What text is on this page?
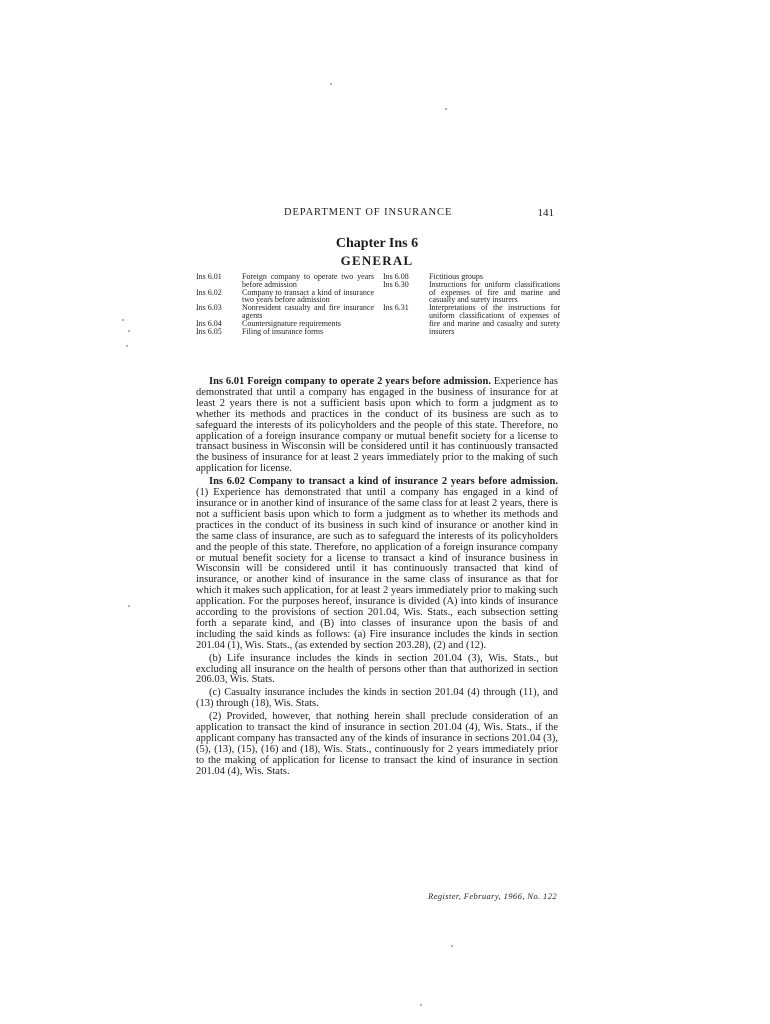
DEPARTMENT OF INSURANCE	141
Chapter Ins 6
GENERAL
Ins 6.01	Foreign company to operate two years before admission
Ins 6.02	Company to transact a kind of insurance two years before admission
Ins 6.03	Nonresident casualty and fire insurance agents
Ins 6.04	Countersignature requirements
Ins 6.05	Filing of insurance forms
Ins 6.08	Fictitious groups
Ins 6.30	Instructions for uniform classifications of expenses of fire and marine and casualty and surety insurers
Ins 6.31	Interpretations of the instructions for uniform classifications of expenses of fire and marine and casualty and surety insurers

Ins 6.01 Foreign company to operate 2 years before admission. Experience has demonstrated that until a company has engaged in the business of insurance for at least 2 years there is not a sufficient basis upon which to form a judgment as to whether its methods and practices in the conduct of its business are such as to safeguard the interests of its policyholders and the people of this state. Therefore, no application of a foreign insurance company or mutual benefit society for a license to transact business in Wisconsin will be considered until it has continuously transacted the business of insurance for at least 2 years immediately prior to the making of such application for license.

Ins 6.02 Company to transact a kind of insurance 2 years before admission. (1) Experience has demonstrated that until a company has engaged in a kind of insurance or in another kind of insurance of the same class for at least 2 years, there is not a sufficient basis upon which to form a judgment as to whether its methods and practices in the conduct of its business in such kind of insurance or another kind in the same class of insurance, are such as to safeguard the interests of its policyholders and the people of this state. Therefore, no application of a foreign insurance company or mutual benefit society for a license to transact a kind of insurance business in Wisconsin will be considered until it has continuously transacted that kind of insurance, or another kind of insurance in the same class of insurance as that for which it makes such application, for at least 2 years immediately prior to making such application. For the purposes hereof, insurance is divided (A) into kinds of insurance according to the provisions of section 201.04, Wis. Stats., each subsection setting forth a separate kind, and (B) into classes of insurance upon the basis of and including the said kinds as follows: (a) Fire insurance includes the kinds in section 201.04 (1), Wis. Stats., (as extended by section 203.28), (2) and (12).

(b) Life insurance includes the kinds in section 201.04 (3), Wis. Stats., but excluding all insurance on the health of persons other than that authorized in section 206.03, Wis. Stats.

(c) Casualty insurance includes the kinds in section 201.04 (4) through (11), and (13) through (18), Wis. Stats.

(2) Provided, however, that nothing herein shall preclude consideration of an application to transact the kind of insurance in section 201.04 (4), Wis. Stats., if the applicant company has transacted any of the kinds of insurance in sections 201.04 (3), (5), (13), (15), (16) and (18), Wis. Stats., continuously for 2 years immediately prior to the making of application for license to transact the kind of insurance in section 201.04 (4), Wis. Stats.

Register, February, 1966, No. 122
